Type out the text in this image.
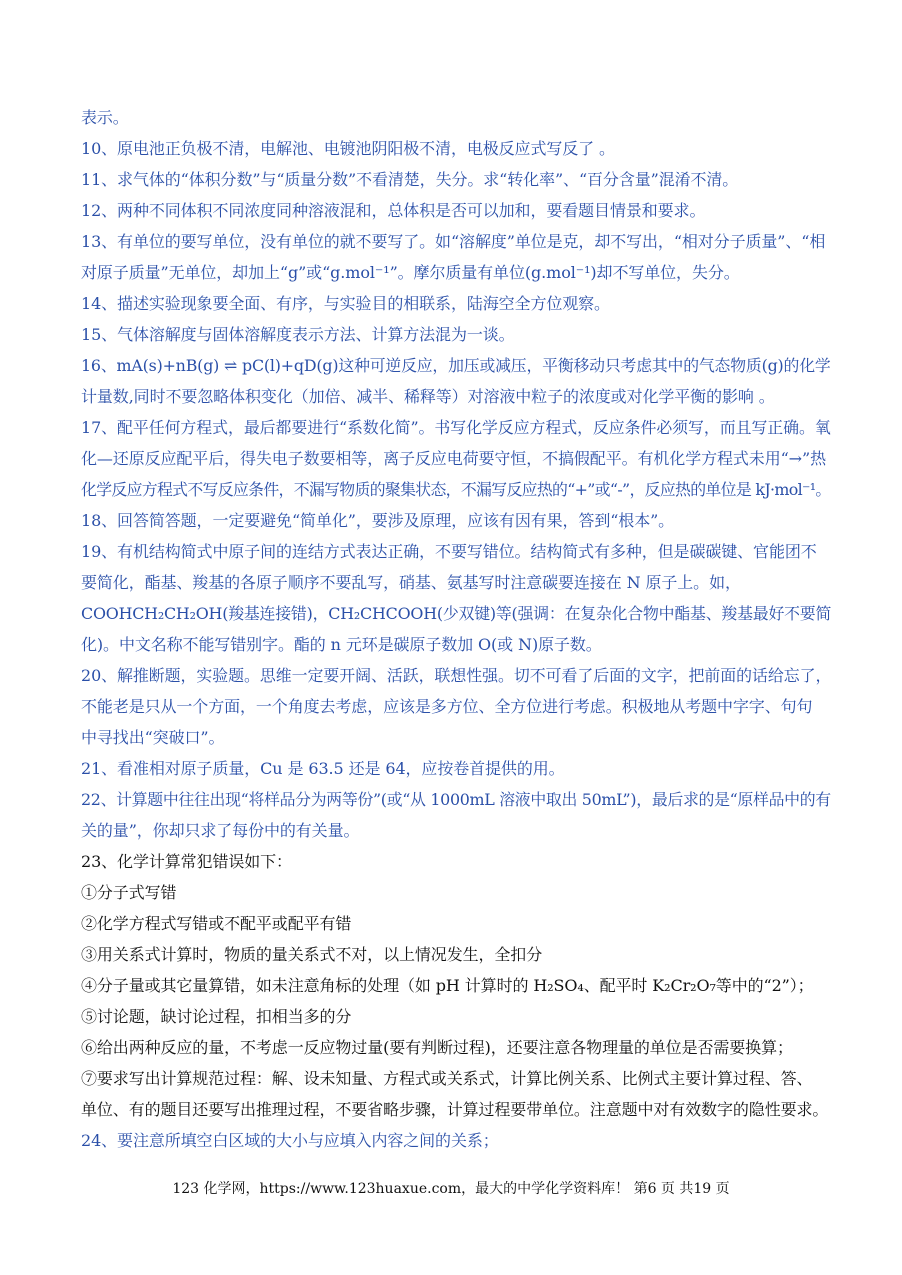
表示。
10、原电池正负极不清，电解池、电镀池阴阳极不清，电极反应式写反了 。
11、求气体的“体积分数”与“质量分数”不看清楚，失分。求“转化率”、“百分含量”混淆不清。
12、两种不同体积不同浓度同种溶液混和，总体积是否可以加和，要看题目情景和要求。
13、有单位的要写单位，没有单位的就不要写了。如“溶解度”单位是克，却不写出，“相对分子质量”、“相
对原子质量”无单位，却加上“g”或“g.mol⁻¹”。摩尔质量有单位(g.mol⁻¹)却不写单位，失分。
14、描述实验现象要全面、有序，与实验目的相联系，陆海空全方位观察。
15、气体溶解度与固体溶解度表示方法、计算方法混为一谈。
16、mA(s)+nB(g) ⇌ pC(l)+qD(g)这种可逆反应，加压或减压，平衡移动只考虑其中的气态物质(g)的化学
计量数,同时不要忽略体积变化（加倍、减半、稀释等）对溶液中粒子的浓度或对化学平衡的影响 。
17、配平任何方程式，最后都要进行“系数化简”。书写化学反应方程式，反应条件必须写，而且写正确。氧
化—还原反应配平后，得失电子数要相等，离子反应电荷要守恒，不搞假配平。有机化学方程式未用“→”热
化学反应方程式不写反应条件，不漏写物质的聚集状态，不漏写反应热的“+”或“-”，反应热的单位是 kJ·mol⁻¹。
18、回答简答题，一定要避免“简单化”，要涉及原理，应该有因有果，答到“根本”。
19、有机结构简式中原子间的连结方式表达正确，不要写错位。结构简式有多种，但是碳碳键、官能团不
要简化，酯基、羧基的各原子顺序不要乱写，硝基、氨基写时注意碳要连接在 N 原子上。如，
COOHCH₂CH₂OH(羧基连接错)，CH₂CHCOOH(少双键)等(强调：在复杂化合物中酯基、羧基最好不要简
化)。中文名称不能写错别字。酯的 n 元环是碳原子数加 O(或 N)原子数。
20、解推断题，实验题。思维一定要开阔、活跃，联想性强。切不可看了后面的文字，把前面的话给忘了，
不能老是只从一个方面，一个角度去考虑，应该是多方位、全方位进行考虑。积极地从考题中字字、句句
中寻找出“突破口”。
21、看准相对原子质量，Cu 是 63.5 还是 64，应按卷首提供的用。
22、计算题中往往出现“将样品分为两等份”(或“从 1000mL 溶液中取出 50mL”)，最后求的是“原样品中的有
关的量”，你却只求了每份中的有关量。
23、化学计算常犯错误如下：
①分子式写错
②化学方程式写错或不配平或配平有错
③用关系式计算时，物质的量关系式不对，以上情况发生，全扣分
④分子量或其它量算错，如未注意角标的处理（如 pH 计算时的 H₂SO₄、配平时 K₂Cr₂O₇等中的“2”）；
⑤讨论题，缺讨论过程，扣相当多的分
⑥给出两种反应的量，不考虑一反应物过量(要有判断过程)，还要注意各物理量的单位是否需要换算；
⑦要求写出计算规范过程：解、设未知量、方程式或关系式，计算比例关系、比例式主要计算过程、答、
单位、有的题目还要写出推理过程，不要省略步骤，计算过程要带单位。注意题中对有效数字的隐性要求。
24、要注意所填空白区域的大小与应填入内容之间的关系；
123 化学网，https://www.123huaxue.com，最大的中学化学资料库！ 第6 页 共19 页
